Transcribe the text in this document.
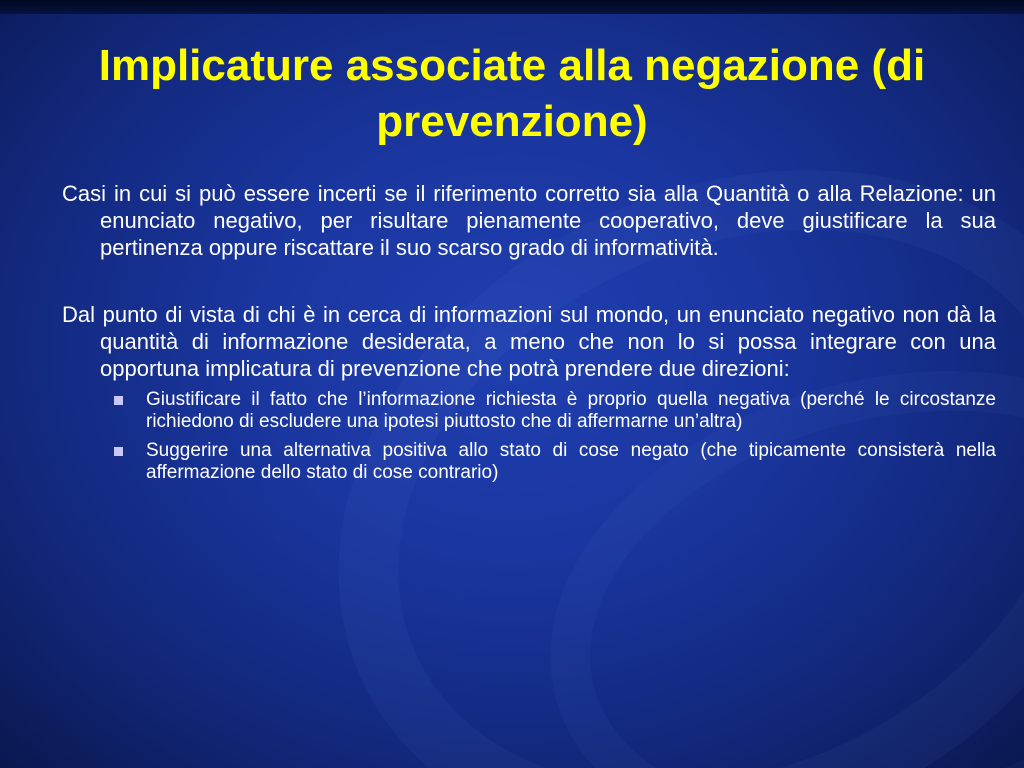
Implicature associate alla negazione (di prevenzione)

Casi in cui si può essere incerti se il riferimento corretto sia alla Quantità o alla Relazione: un enunciato negativo, per risultare pienamente cooperativo, deve giustificare la sua pertinenza oppure riscattare il suo scarso grado di informatività.

Dal punto di vista di chi è in cerca di informazioni sul mondo, un enunciato negativo non dà la quantità di informazione desiderata, a meno che non lo si possa integrare con una opportuna implicatura di prevenzione che potrà prendere due direzioni:

Giustificare il fatto che l’informazione richiesta è proprio quella negativa (perché le circostanze richiedono di escludere una ipotesi piuttosto che di affermarne un’altra)
Suggerire una alternativa positiva allo stato di cose negato (che tipicamente consisterà nella affermazione dello stato di cose contrario)
